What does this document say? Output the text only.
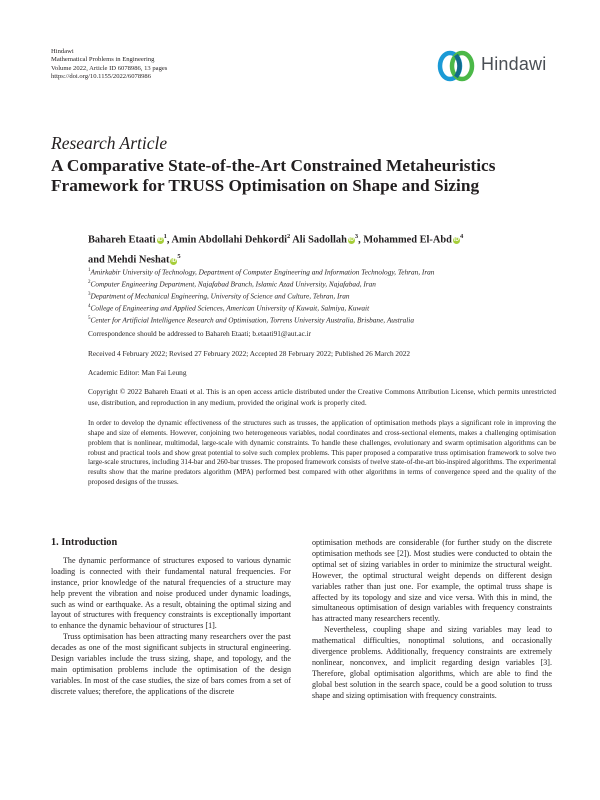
Hindawi
Mathematical Problems in Engineering
Volume 2022, Article ID 6078986, 13 pages
https://doi.org/10.1155/2022/6078986
Hindawi
Research Article
A Comparative State-of-the-Art Constrained Metaheuristics Framework for TRUSS Optimisation on Shape and Sizing
Bahareh Etaati $iD^1$, Amin Abdollahi Dehkordi$^2$ Ali Sadollah $iD^3$, Mohammed El-Abd $iD^4$
and Mehdi Neshat $iD^5$
$^1$Amirkabir University of Technology, Department of Computer Engineering and Information Technology, Tehran, Iran
$^2$Computer Engineering Department, Najafabad Branch, Islamic Azad University, Najafabad, Iran
$^3$Department of Mechanical Engineering, University of Science and Culture, Tehran, Iran
$^4$College of Engineering and Applied Sciences, American University of Kuwait, Salmiya, Kuwait
$^5$Center for Artificial Intelligence Research and Optimisation, Torrens University Australia, Brisbane, Australia
Correspondence should be addressed to Bahareh Etaati; b.etaati91@aut.ac.ir
Received 4 February 2022; Revised 27 February 2022; Accepted 28 February 2022; Published 26 March 2022
Academic Editor: Man Fai Leung
Copyright © 2022 Bahareh Etaati et al. This is an open access article distributed under the Creative Commons Attribution License, which permits unrestricted use, distribution, and reproduction in any medium, provided the original work is properly cited.
In order to develop the dynamic effectiveness of the structures such as trusses, the application of optimisation methods plays a significant role in improving the shape and size of elements. However, conjoining two heterogeneous variables, nodal coordinates and cross-sectional elements, makes a challenging optimisation problem that is nonlinear, multimodal, large-scale with dynamic constraints. To handle these challenges, evolutionary and swarm optimisation algorithms can be robust and practical tools and show great potential to solve such complex problems. This paper proposed a comparative truss optimisation framework to solve two large-scale structures, including 314-bar and 260-bar trusses. The proposed framework consists of twelve state-of-the-art bio-inspired algorithms. The experimental results show that the marine predators algorithm (MPA) performed best compared with other algorithms in terms of convergence speed and the quality of the proposed designs of the trusses.
1. Introduction

The dynamic performance of structures exposed to various dynamic loading is connected with their fundamental natural frequencies. For instance, prior knowledge of the natural frequencies of a structure may help prevent the vibration and noise produced under dynamic loadings, such as wind or earthquake. As a result, obtaining the optimal sizing and layout of structures with frequency constraints is exceptionally important to enhance the dynamic behaviour of structures [1].

Truss optimisation has been attracting many researchers over the past decades as one of the most significant subjects in structural engineering. Design variables include the truss sizing, shape, and topology, and the main optimisation problems include the optimisation of the design variables. In most of the case studies, the size of bars comes from a set of discrete values; therefore, the applications of the discrete

optimisation methods are considerable (for further study on the discrete optimisation methods see [2]). Most studies were conducted to obtain the optimal set of sizing variables in order to minimize the structural weight. However, the optimal structural weight depends on different design variables rather than just one. For example, the optimal truss shape is affected by its topology and size and vice versa. With this in mind, the simultaneous optimisation of design variables with frequency constraints has attracted many researchers recently.

Nevertheless, coupling shape and sizing variables may lead to mathematical difficulties, nonoptimal solutions, and occasionally divergence problems. Additionally, frequency constraints are extremely nonlinear, nonconvex, and implicit regarding design variables [3]. Therefore, global optimisation algorithms, which are able to find the global best solution in the search space, could be a good solution to truss shape and sizing optimisation with frequency constraints.
